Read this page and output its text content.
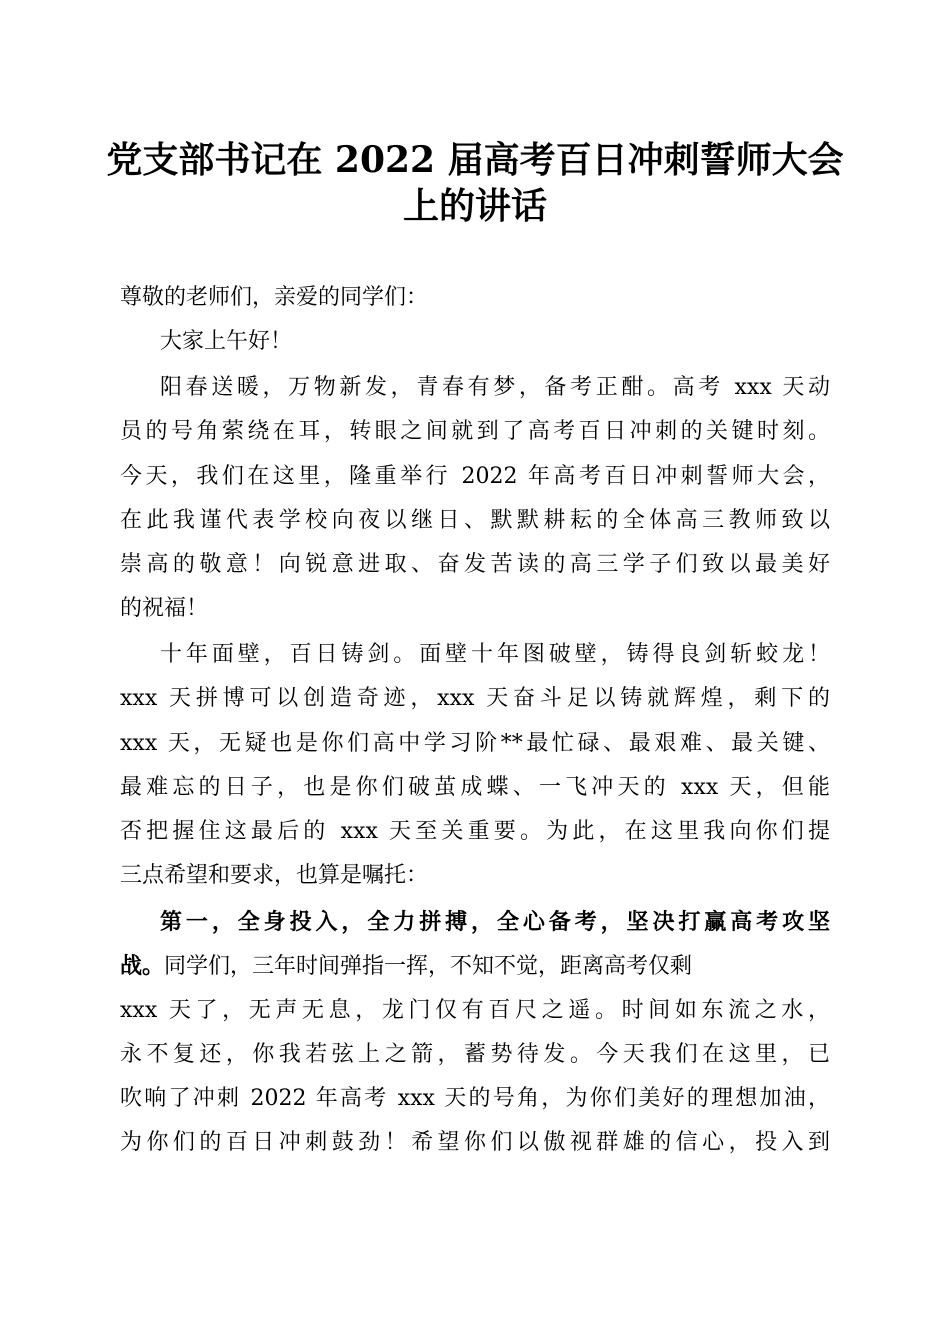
党支部书记在 2022 届高考百日冲刺誓师大会
上的讲话
尊敬的老师们，亲爱的同学们：
大家上午好！
阳春送暖，万物新发，青春有梦，备考正酣。高考 xxx 天动
员的号角萦绕在耳，转眼之间就到了高考百日冲刺的关键时刻。
今天，我们在这里，隆重举行 2022 年高考百日冲刺誓师大会，
在此我谨代表学校向夜以继日、默默耕耘的全体高三教师致以
崇高的敬意！向锐意进取、奋发苦读的高三学子们致以最美好
的祝福！
十年面壁，百日铸剑。面壁十年图破壁，铸得良剑斩蛟龙！
xxx 天拼博可以创造奇迹，xxx 天奋斗足以铸就辉煌，剩下的
xxx 天，无疑也是你们高中学习阶**最忙碌、最艰难、最关键、
最难忘的日子，也是你们破茧成蝶、一飞冲天的 xxx 天，但能
否把握住这最后的 xxx 天至关重要。为此，在这里我向你们提
三点希望和要求，也算是嘱托：
第一，全身投入，全力拼搏，全心备考，坚决打赢高考攻坚
战。同学们，三年时间弹指一挥，不知不觉，距离高考仅剩
xxx 天了，无声无息，龙门仅有百尺之遥。时间如东流之水，
永不复还，你我若弦上之箭，蓄势待发。今天我们在这里，已
吹响了冲刺 2022 年高考 xxx 天的号角，为你们美好的理想加油，
为你们的百日冲刺鼓劲！希望你们以傲视群雄的信心，投入到
